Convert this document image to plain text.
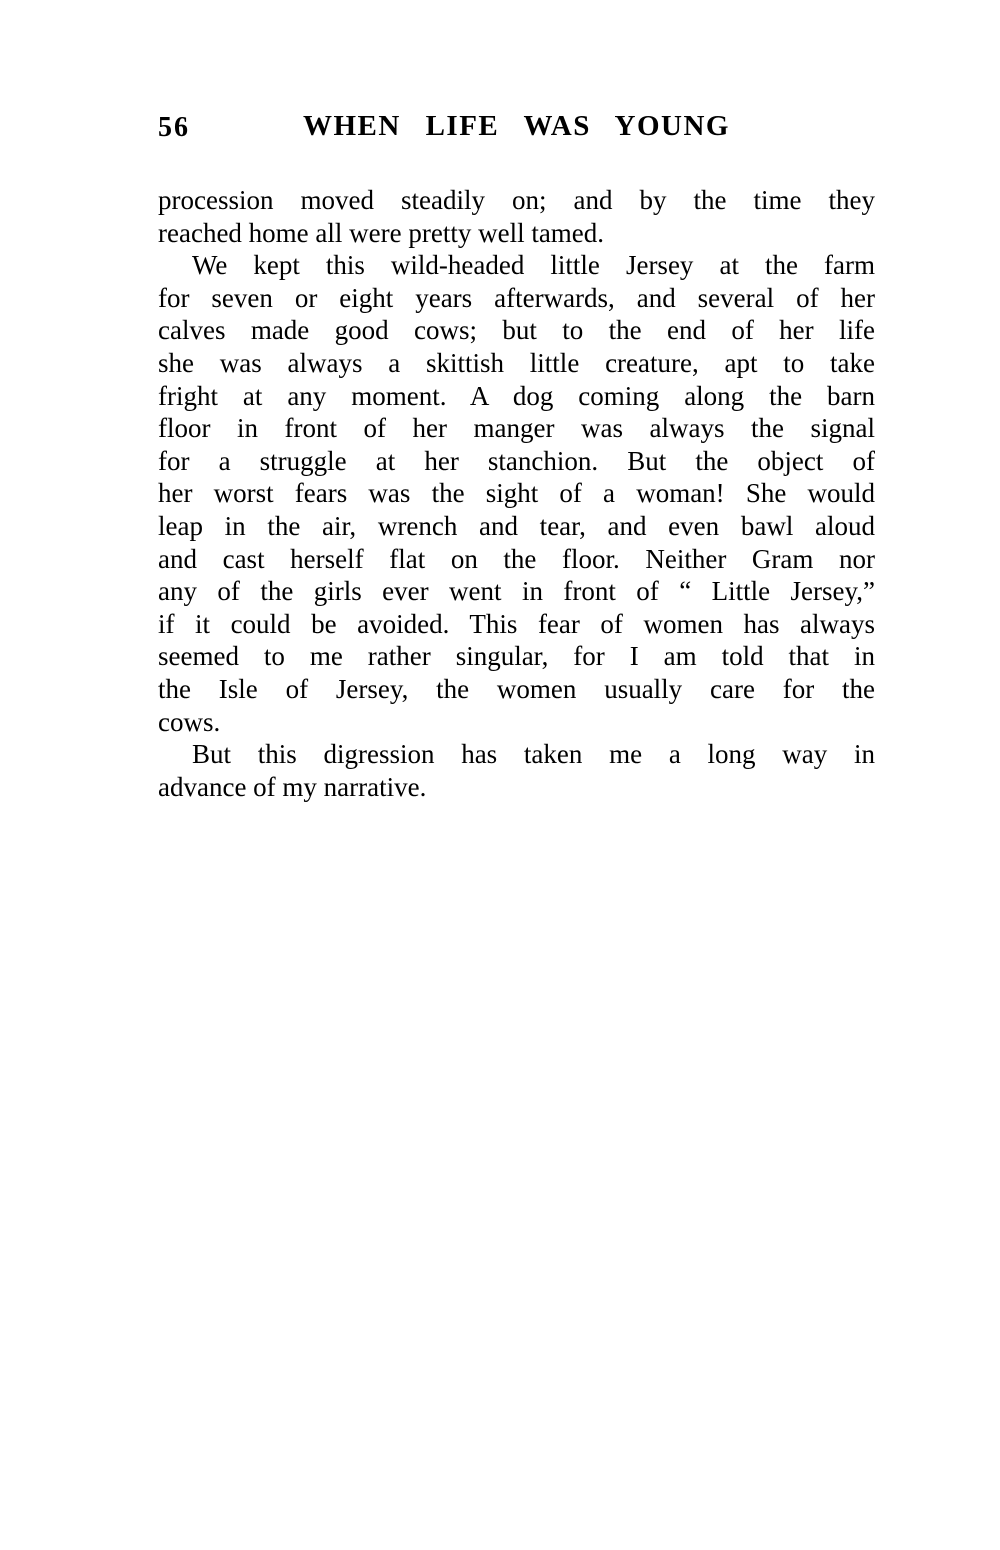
56	WHEN LIFE WAS YOUNG
procession moved steadily on; and by the time they
reached home all were pretty well tamed.
We kept this wild-headed little Jersey at the farm
for seven or eight years afterwards, and several of her
calves made good cows; but to the end of her life
she was always a skittish little creature, apt to take
fright at any moment. A dog coming along the barn
floor in front of her manger was always the signal
for a struggle at her stanchion. But the object of
her worst fears was the sight of a woman! She would
leap in the air, wrench and tear, and even bawl aloud
and cast herself flat on the floor. Neither Gram nor
any of the girls ever went in front of “ Little Jersey,”
if it could be avoided. This fear of women has always
seemed to me rather singular, for I am told that in
the Isle of Jersey, the women usually care for the
cows.
But this digression has taken me a long way in
advance of my narrative.
